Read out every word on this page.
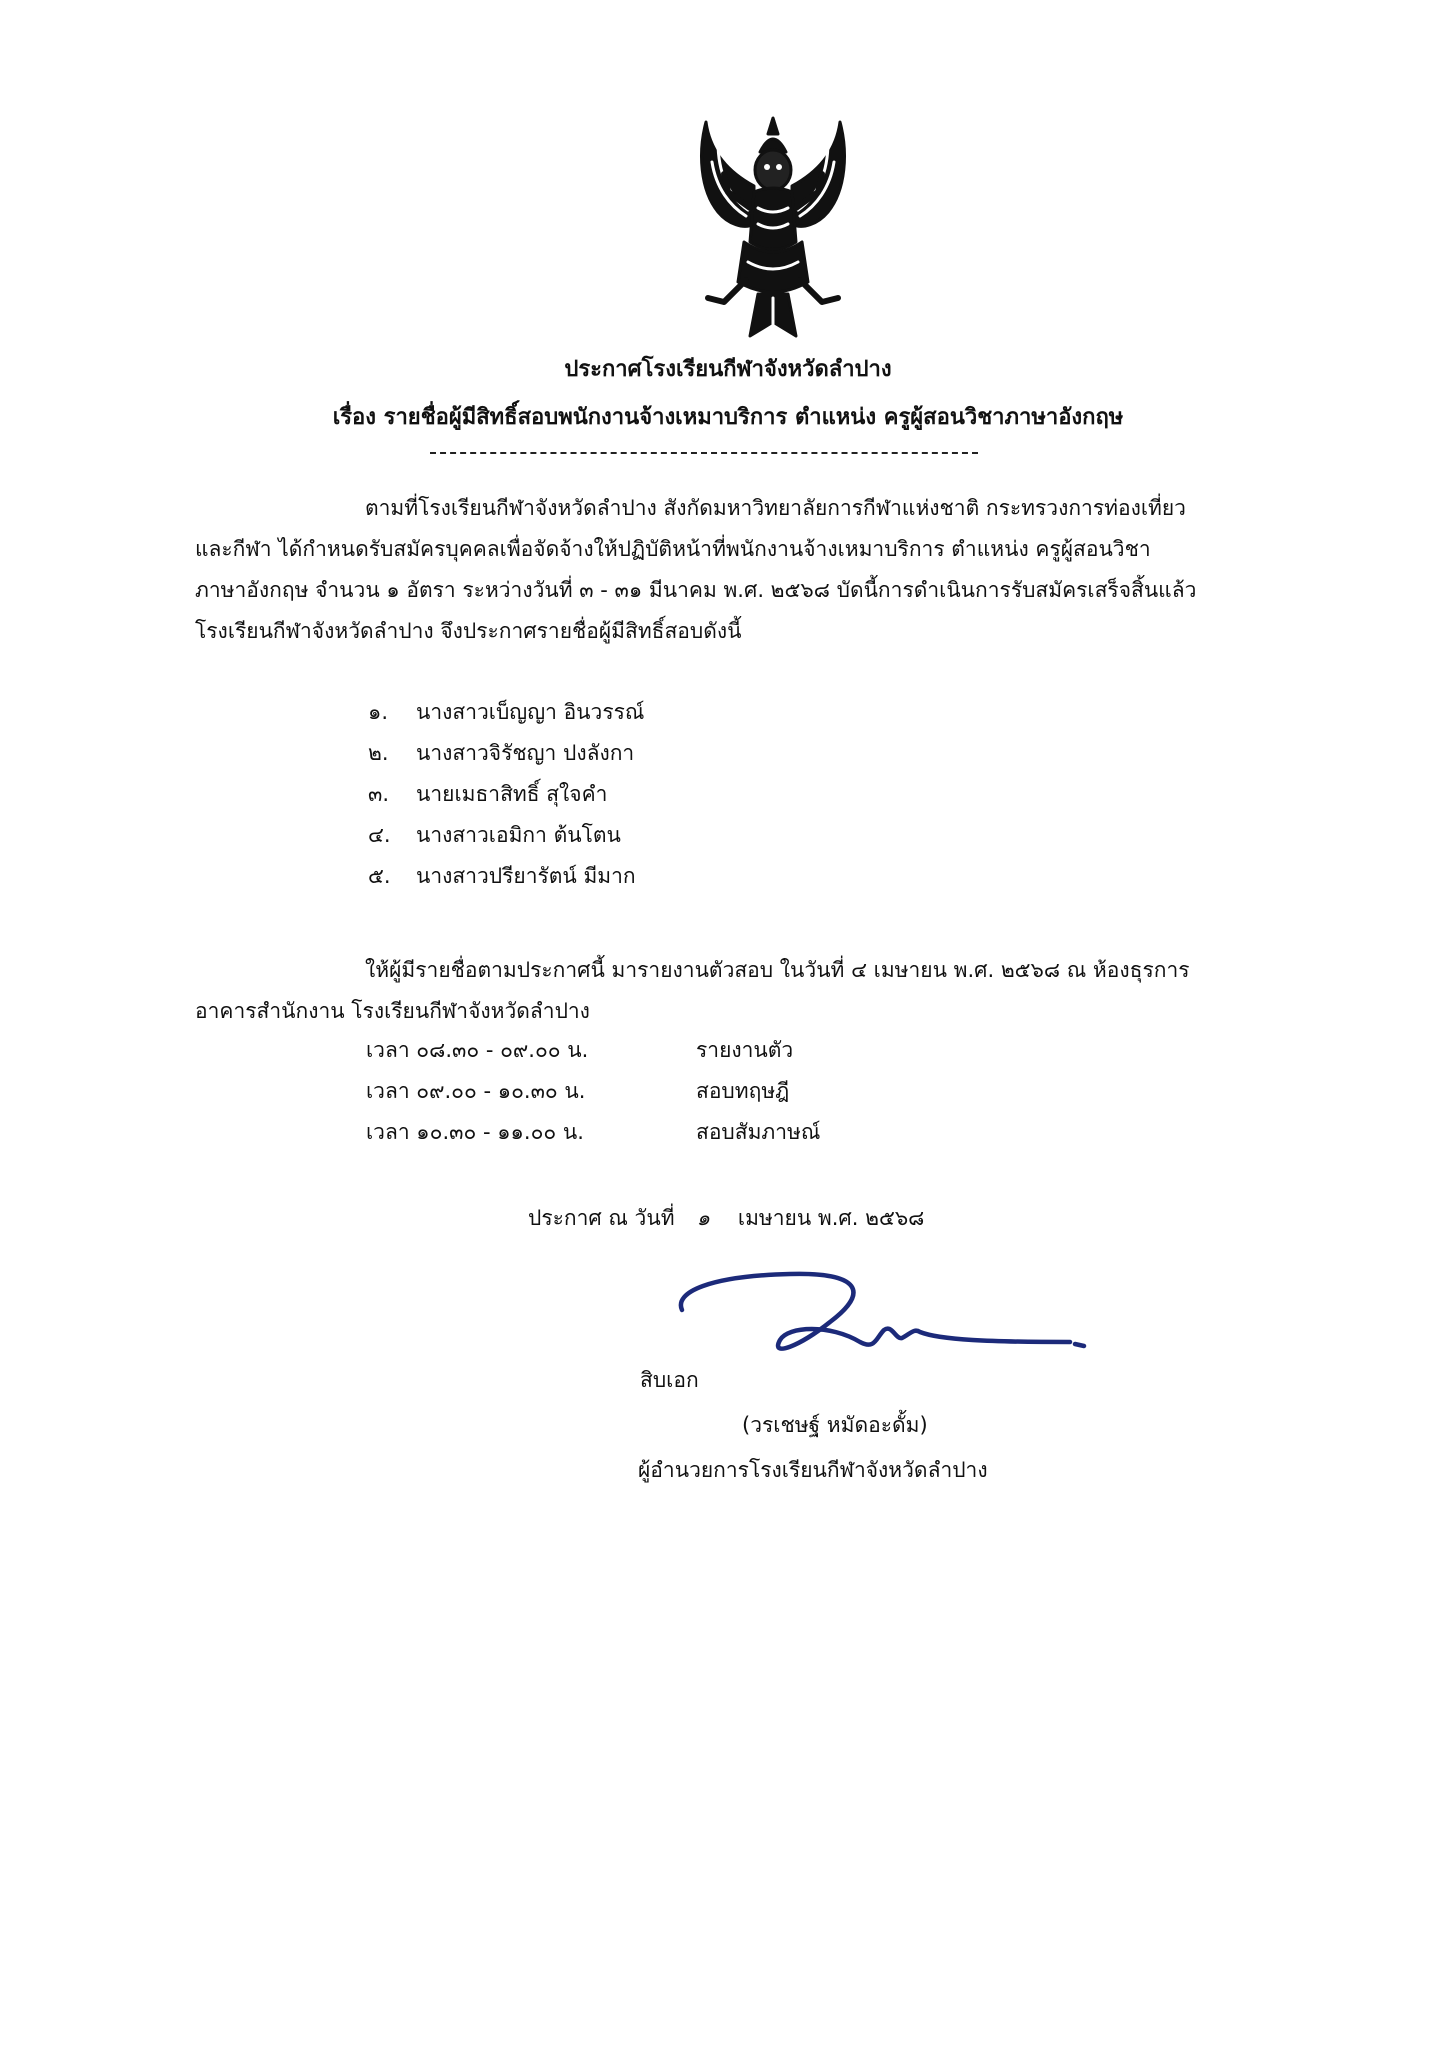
ประกาศโรงเรียนกีฬาจังหวัดลำปาง
เรื่อง รายชื่อผู้มีสิทธิ์สอบพนักงานจ้างเหมาบริการ ตำแหน่ง ครูผู้สอนวิชาภาษาอังกฤษ
ตามที่โรงเรียนกีฬาจังหวัดลำปาง สังกัดมหาวิทยาลัยการกีฬาแห่งชาติ กระทรวงการท่องเที่ยว
และกีฬา ได้กำหนดรับสมัครบุคคลเพื่อจัดจ้างให้ปฏิบัติหน้าที่พนักงานจ้างเหมาบริการ ตำแหน่ง ครูผู้สอนวิชา
ภาษาอังกฤษ จำนวน ๑ อัตรา ระหว่างวันที่ ๓ - ๓๑ มีนาคม พ.ศ. ๒๕๖๘ บัดนี้การดำเนินการรับสมัครเสร็จสิ้นแล้ว
โรงเรียนกีฬาจังหวัดลำปาง จึงประกาศรายชื่อผู้มีสิทธิ์สอบดังนี้
๑. นางสาวเบ็ญญา อินวรรณ์
๒. นางสาวจิรัชญา ปงลังกา
๓. นายเมธาสิทธิ์ สุใจคำ
๔. นางสาวเอมิกา ต้นโตน
๕. นางสาวปรียารัตน์ มีมาก
ให้ผู้มีรายชื่อตามประกาศนี้ มารายงานตัวสอบ ในวันที่ ๔ เมษายน พ.ศ. ๒๕๖๘ ณ ห้องธุรการ
อาคารสำนักงาน โรงเรียนกีฬาจังหวัดลำปาง
เวลา ๐๘.๓๐ - ๐๙.๐๐ น.	รายงานตัว
เวลา ๐๙.๐๐ - ๑๐.๓๐ น.	สอบทฤษฎี
เวลา ๑๐.๓๐ - ๑๑.๐๐ น.	สอบสัมภาษณ์
ประกาศ ณ วันที่ ๑ เมษายน พ.ศ. ๒๕๖๘
สิบเอก
(วรเชษฐ์ หมัดอะดั้ม)
ผู้อำนวยการโรงเรียนกีฬาจังหวัดลำปาง
